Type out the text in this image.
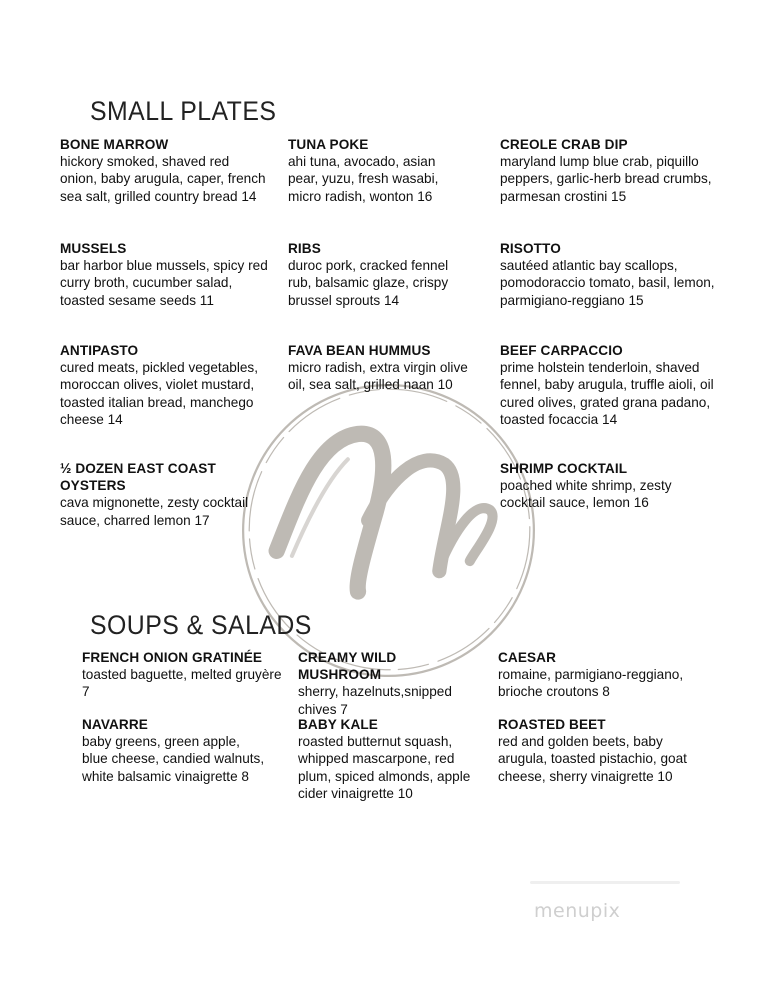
SMALL PLATES
BONE MARROW
hickory smoked, shaved red onion, baby arugula, caper, french sea salt, grilled country bread 14
TUNA POKE
ahi tuna, avocado, asian pear, yuzu, fresh wasabi, micro radish, wonton 16
CREOLE CRAB DIP
maryland lump blue crab, piquillo peppers, garlic-herb bread crumbs, parmesan crostini 15
MUSSELS
bar harbor blue mussels, spicy red curry broth, cucumber salad, toasted sesame seeds 11
RIBS
duroc pork, cracked fennel rub, balsamic glaze, crispy brussel sprouts 14
RISOTTO
sautéed atlantic bay scallops, pomodoraccio tomato, basil, lemon, parmigiano-reggiano 15
ANTIPASTO
cured meats, pickled vegetables, moroccan olives, violet mustard, toasted italian bread, manchego cheese 14
FAVA BEAN HUMMUS
micro radish, extra virgin olive oil, sea salt, grilled naan 10
BEEF CARPACCIO
prime holstein tenderloin, shaved fennel, baby arugula, truffle aioli, oil cured olives, grated grana padano, toasted focaccia 14
½ DOZEN EAST COAST OYSTERS
cava mignonette, zesty cocktail sauce, charred lemon 17
SHRIMP COCKTAIL
poached white shrimp, zesty cocktail sauce, lemon 16
SOUPS & SALADS
FRENCH ONION GRATINÉE
toasted baguette, melted gruyère 7
CREAMY WILD MUSHROOM
sherry, hazelnuts,snipped chives 7
CAESAR
romaine, parmigiano-reggiano, brioche croutons 8
NAVARRE
baby greens, green apple, blue cheese, candied walnuts, white balsamic vinaigrette 8
BABY KALE
roasted butternut squash, whipped mascarpone, red plum, spiced almonds, apple cider vinaigrette 10
ROASTED BEET
red and golden beets, baby arugula, toasted pistachio, goat cheese, sherry vinaigrette 10
menupix
